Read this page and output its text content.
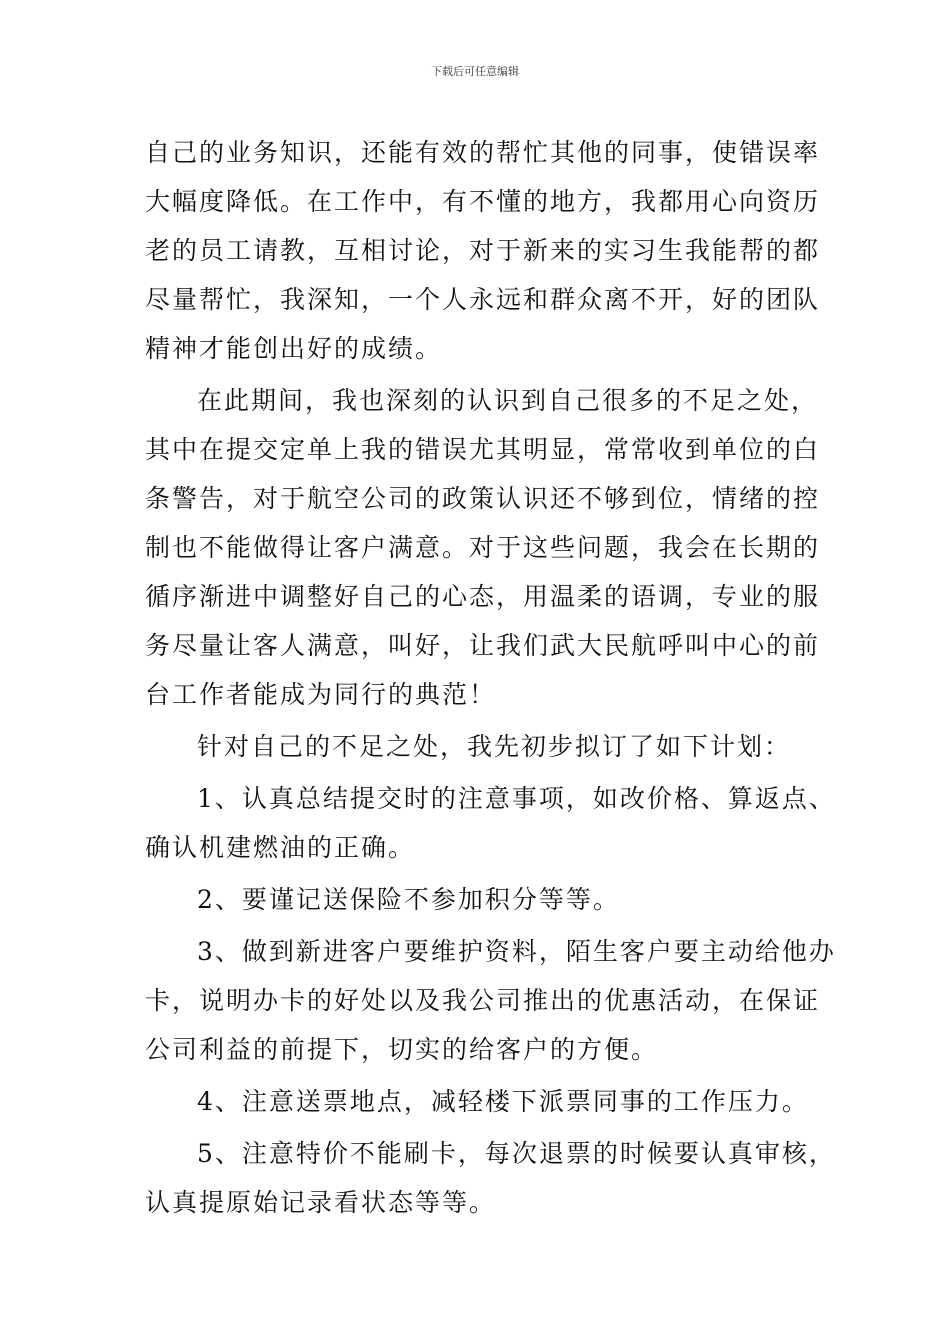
下载后可任意编辑
自己的业务知识，还能有效的帮忙其他的同事，使错误率
大幅度降低。在工作中，有不懂的地方，我都用心向资历
老的员工请教，互相讨论，对于新来的实习生我能帮的都
尽量帮忙，我深知，一个人永远和群众离不开，好的团队
精神才能创出好的成绩。
在此期间，我也深刻的认识到自己很多的不足之处，
其中在提交定单上我的错误尤其明显，常常收到单位的白
条警告，对于航空公司的政策认识还不够到位，情绪的控
制也不能做得让客户满意。对于这些问题，我会在长期的
循序渐进中调整好自己的心态，用温柔的语调，专业的服
务尽量让客人满意，叫好，让我们武大民航呼叫中心的前
台工作者能成为同行的典范！
针对自己的不足之处，我先初步拟订了如下计划：
1、认真总结提交时的注意事项，如改价格、算返点、
确认机建燃油的正确。
2、要谨记送保险不参加积分等等。
3、做到新进客户要维护资料，陌生客户要主动给他办
卡，说明办卡的好处以及我公司推出的优惠活动，在保证
公司利益的前提下，切实的给客户的方便。
4、注意送票地点，减轻楼下派票同事的工作压力。
5、注意特价不能刷卡，每次退票的时候要认真审核，
认真提原始记录看状态等等。
